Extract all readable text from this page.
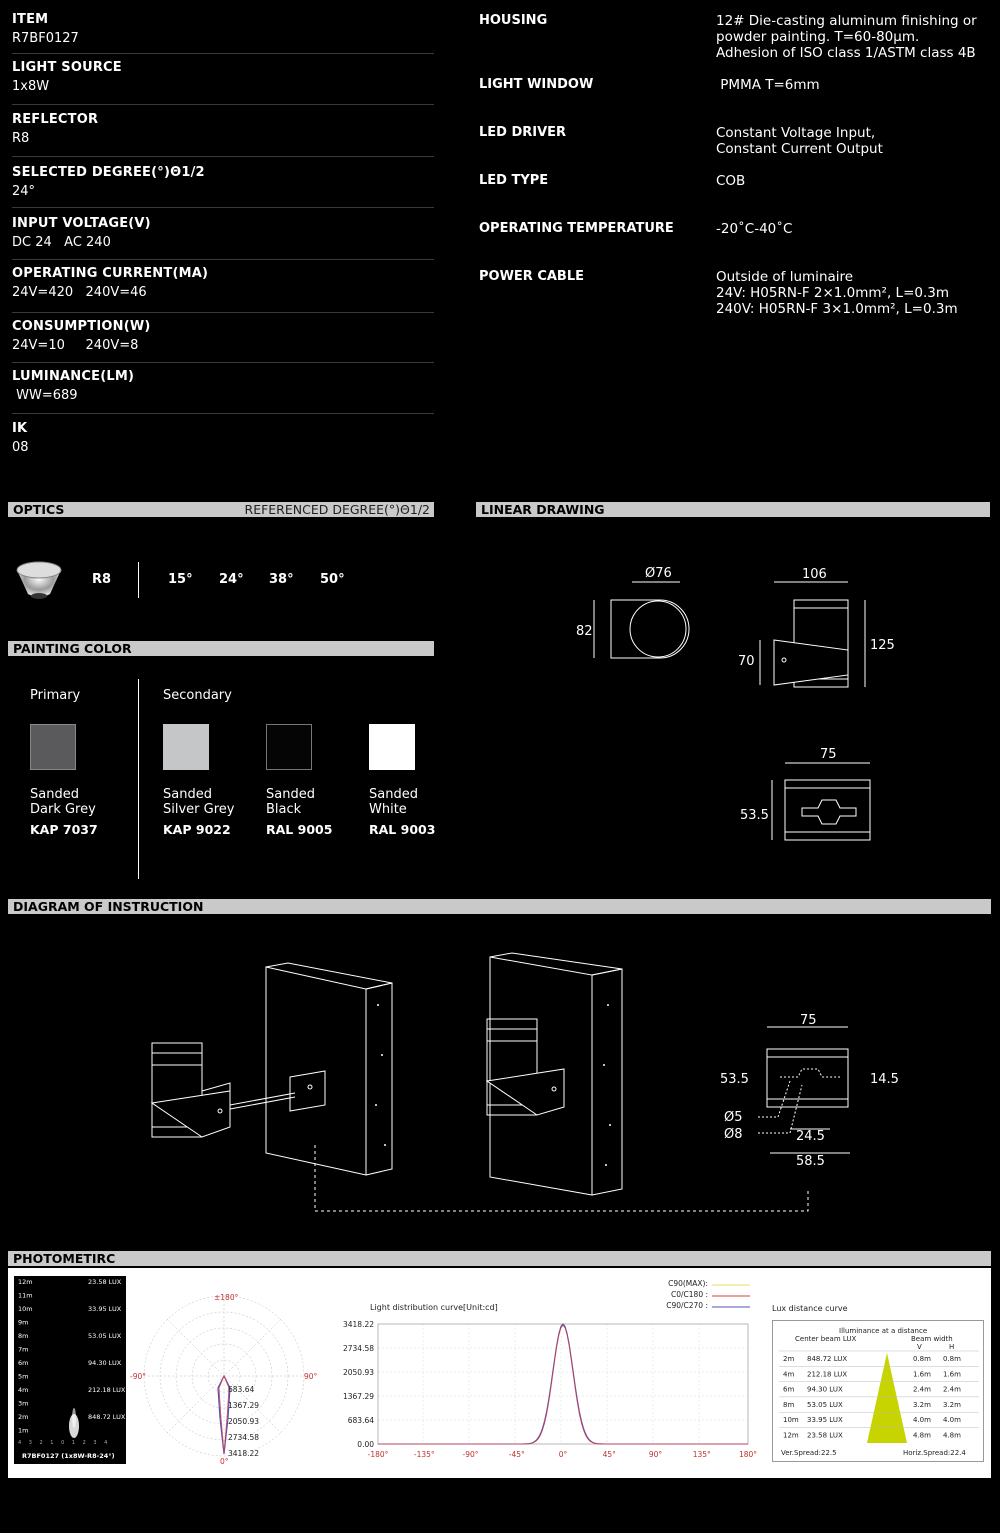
ITEM
R7BF0127
LIGHT SOURCE
1x8W
REFLECTOR
R8
SELECTED DEGREE(°)Θ1/2
24°
INPUT VOLTAGE(V)
DC 24   AC 240
OPERATING CURRENT(MA)
24V=420   240V=46
CONSUMPTION(W)
24V=10     240V=8
LUMINANCE(LM)
WW=689
IK
08
HOUSING	12# Die-casting aluminum finishing or
powder painting. T=60-80μm.
Adhesion of ISO class 1/ASTM class 4B
LIGHT WINDOW	PMMA T=6mm
LED DRIVER	Constant Voltage Input,
Constant Current Output
LED TYPE	COB
OPERATING TEMPERATURE	-20˚C-40˚C
POWER CABLE	Outside of luminaire
24V: H05RN-F 2×1.0mm², L=0.3m
240V: H05RN-F 3×1.0mm², L=0.3m
OPTICS	REFERENCED DEGREE(°)Θ1/2
R8	15° 24° 38° 50°
LINEAR DRAWING
Ø76
82
106
125
70
75
53.5
PAINTING COLOR
Primary	Secondary
Sanded
Dark Grey
KAP 7037
Sanded
Silver Grey
KAP 9022
Sanded
Black
RAL 9005
Sanded
White
RAL 9003
DIAGRAM OF INSTRUCTION
75
53.5	14.5
Ø5
Ø8	24.5
58.5
PHOTOMETIRC
12m	23.58 LUX
11m
10m	33.95 LUX
9m
8m	53.05 LUX
7m
6m	94.30 LUX
5m
4m	212.18 LUX
3m
2m	848.72 LUX
1m
4 3 2 1 0 1 2 3 4
R7BF0127 (1x8W-R8-24°)
±180°
-90°	90°
0°
683.64
1367.29
2050.93
2734.58
3418.22
C90(MAX):
C0/C180 :
C90/C270 :
Light distribution curve[Unit:cd]
3418.22
2734.58
2050.93
1367.29
683.64
0.00
-180°	-135°	-90°	-45°	0°	45°	90°	135°	180°
Lux distance curve
Illuminance at a distance
Center beam LUX	Beam width
V	H
2m 848.72 LUX	0.8m 0.8m
4m 212.18 LUX	1.6m 1.6m
6m 94.30 LUX	2.4m 2.4m
8m 53.05 LUX	3.2m 3.2m
10m 33.95 LUX	4.0m 4.0m
12m 23.58 LUX	4.8m 4.8m
Ver.Spread:22.5	Horiz.Spread:22.4
